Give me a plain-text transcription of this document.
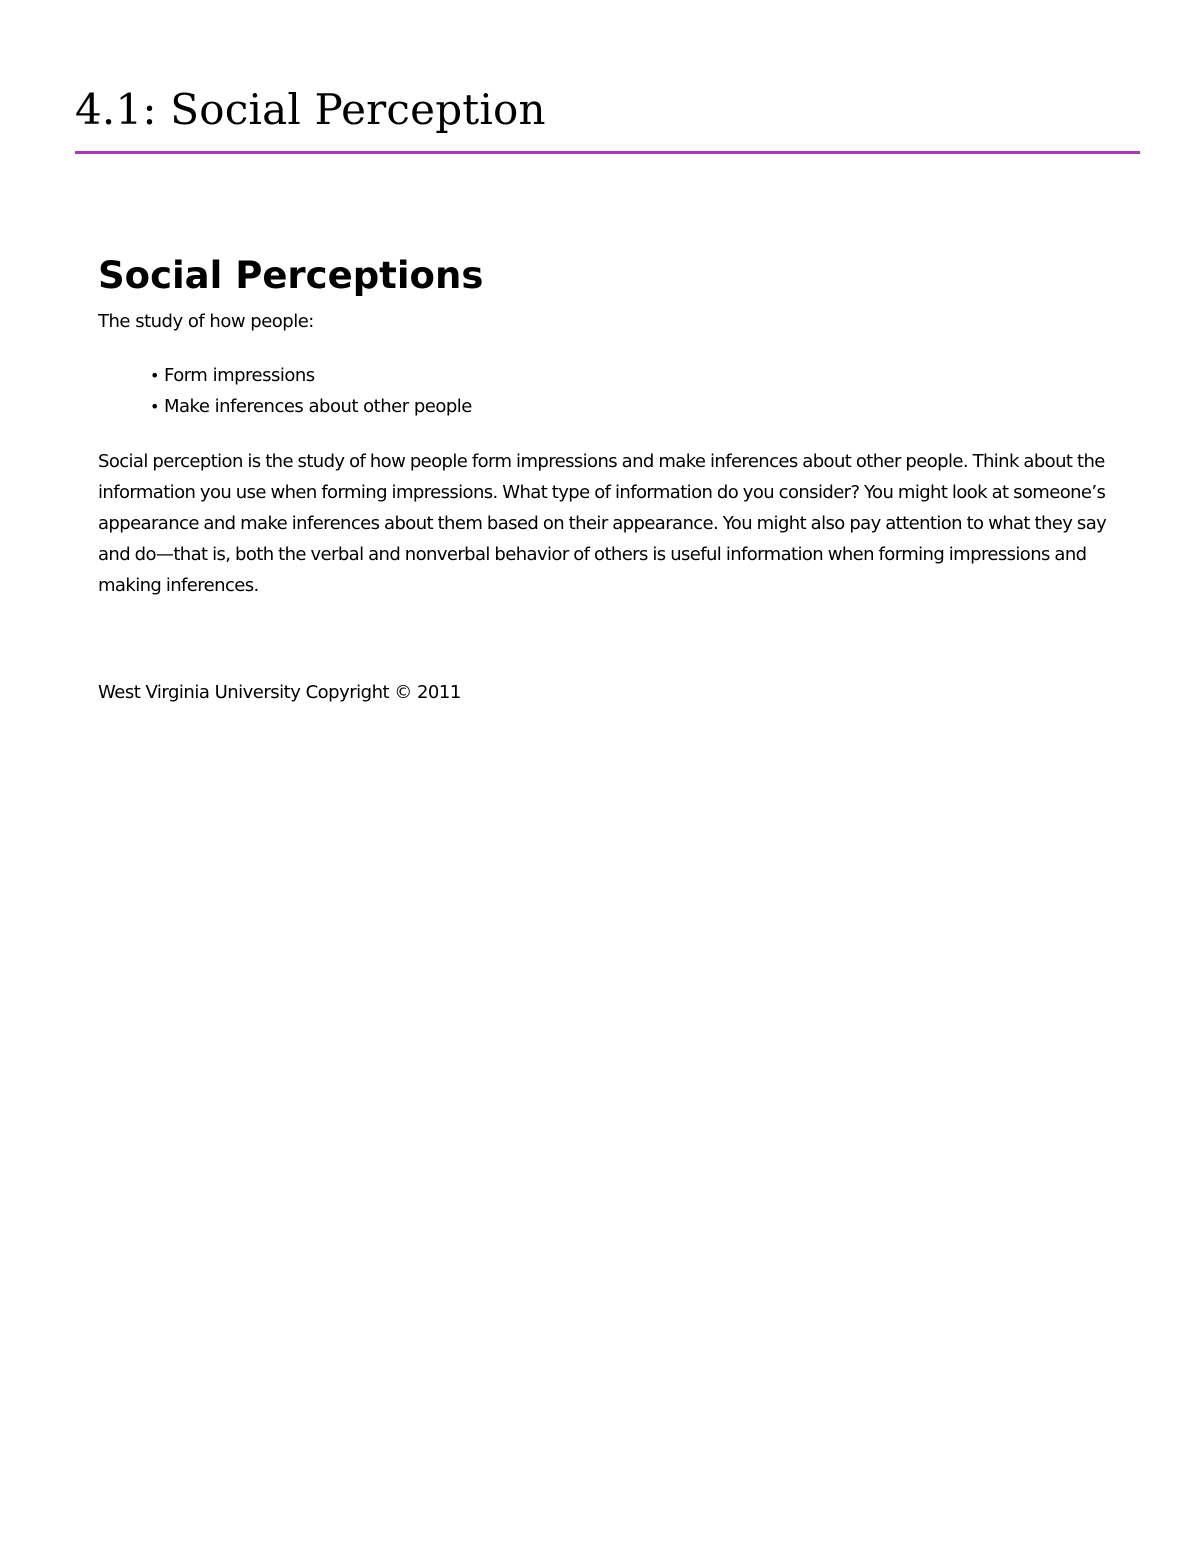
4.1: Social Perception
Social Perceptions

The study of how people:

• Form impressions
• Make inferences about other people

Social perception is the study of how people form impressions and make inferences about other people. Think about the information you use when forming impressions. What type of information do you consider? You might look at someone’s appearance and make inferences about them based on their appearance. You might also pay attention to what they say and do—that is, both the verbal and nonverbal behavior of others is useful information when forming impressions and making inferences.

West Virginia University Copyright © 2011
